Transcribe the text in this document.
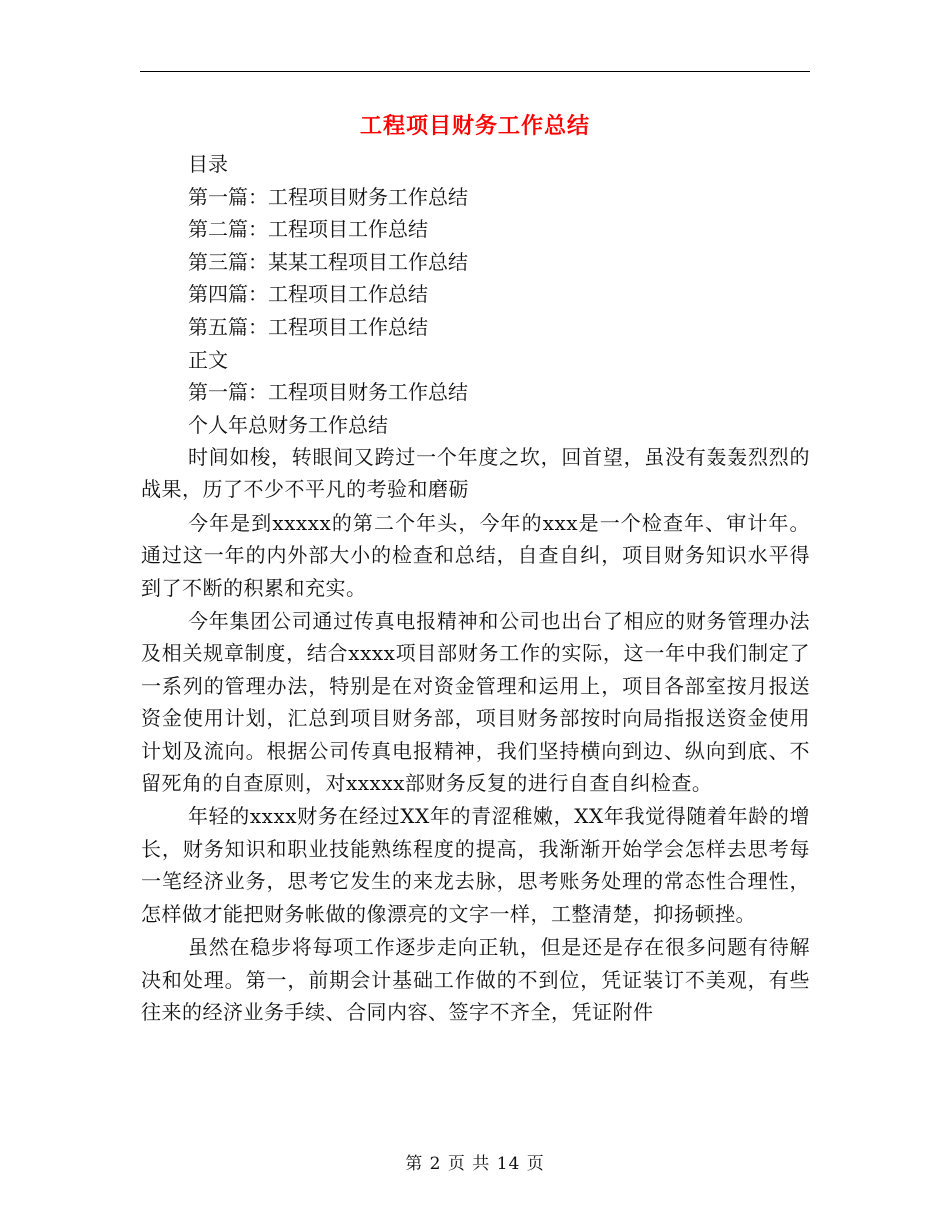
工程项目财务工作总结
目录
第一篇：工程项目财务工作总结
第二篇：工程项目工作总结
第三篇：某某工程项目工作总结
第四篇：工程项目工作总结
第五篇：工程项目工作总结
正文
第一篇：工程项目财务工作总结
个人年总财务工作总结

时间如梭，转眼间又跨过一个年度之坎，回首望，虽没有轰轰烈烈的战果，历了不少不平凡的考验和磨砺

今年是到xxxxx的第二个年头，今年的xxx是一个检查年、审计年。通过这一年的内外部大小的检查和总结，自查自纠，项目财务知识水平得到了不断的积累和充实。

今年集团公司通过传真电报精神和公司也出台了相应的财务管理办法及相关规章制度，结合xxxx项目部财务工作的实际，这一年中我们制定了一系列的管理办法，特别是在对资金管理和运用上，项目各部室按月报送资金使用计划，汇总到项目财务部，项目财务部按时向局指报送资金使用计划及流向。根据公司传真电报精神，我们坚持横向到边、纵向到底、不留死角的自查原则，对xxxxx部财务反复的进行自查自纠检查。

年轻的xxxx财务在经过XX年的青涩稚嫩，XX年我觉得随着年龄的增长，财务知识和职业技能熟练程度的提高，我渐渐开始学会怎样去思考每一笔经济业务，思考它发生的来龙去脉，思考账务处理的常态性合理性，怎样做才能把财务帐做的像漂亮的文字一样，工整清楚，抑扬顿挫。

虽然在稳步将每项工作逐步走向正轨，但是还是存在很多问题有待解决和处理。第一，前期会计基础工作做的不到位，凭证装订不美观，有些往来的经济业务手续、合同内容、签字不齐全，凭证附件

第 2 页 共 14 页
